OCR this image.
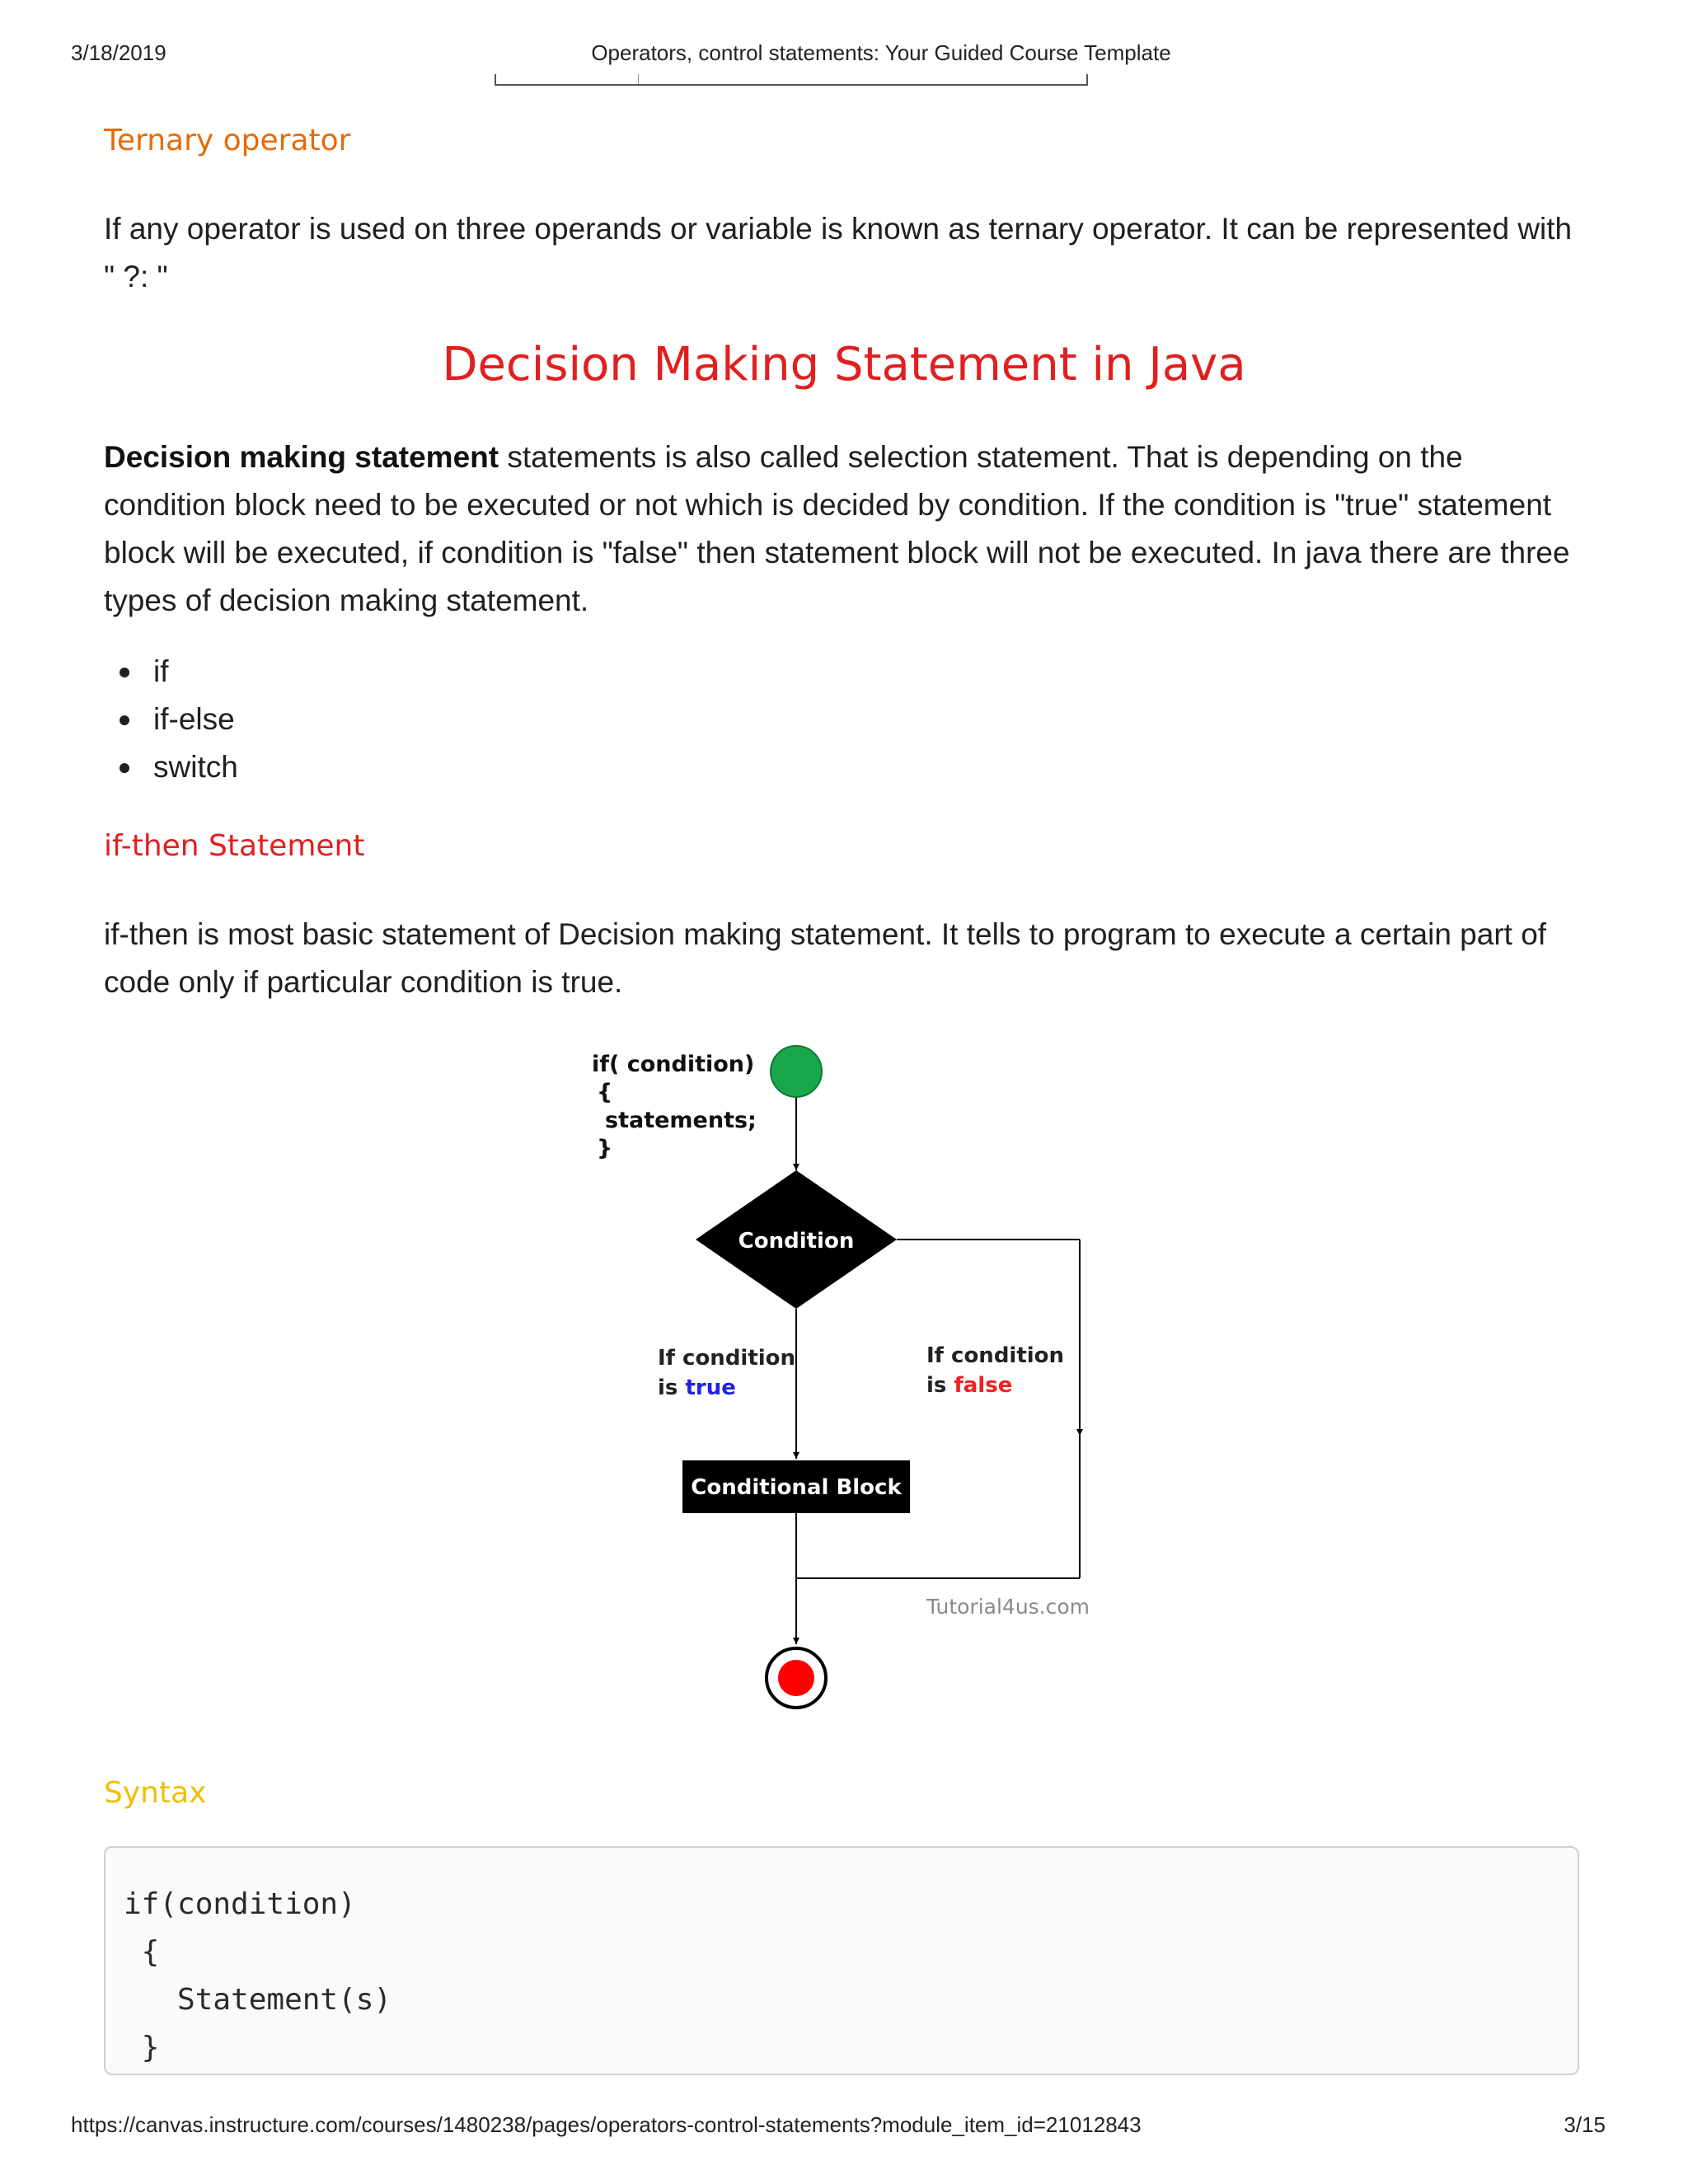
3/18/2019	Operators, control statements: Your Guided Course Template
Ternary operator
If any operator is used on three operands or variable is known as ternary operator. It can be represented with " ?: "
Decision Making Statement in Java
Decision making statement statements is also called selection statement. That is depending on the condition block need to be executed or not which is decided by condition. If the condition is "true" statement block will be executed, if condition is "false" then statement block will not be executed. In java there are three types of decision making statement.
if
if-else
switch
if-then Statement
if-then is most basic statement of Decision making statement. It tells to program to execute a certain part of code only if particular condition is true.
if( condition)
{
statements;
}
Condition
If condition
is true
If condition
is false
Conditional Block
Tutorial4us.com
Syntax
if(condition)
{
Statement(s)
}
https://canvas.instructure.com/courses/1480238/pages/operators-control-statements?module_item_id=21012843	3/15
